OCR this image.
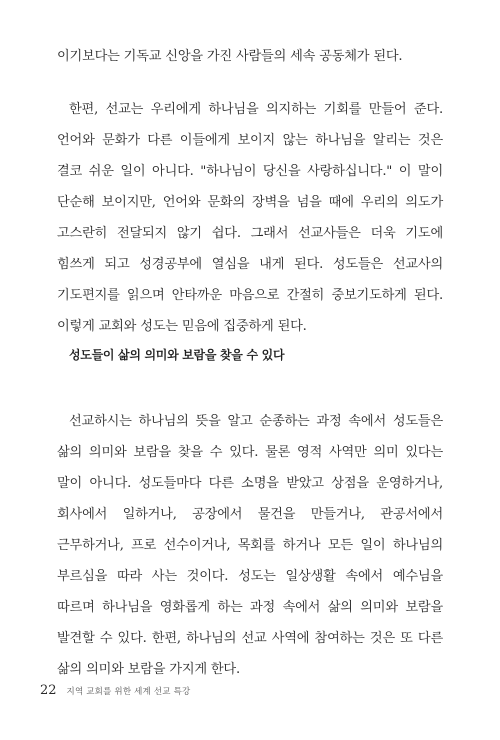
이기보다는 기독교 신앙을 가진 사람들의 세속 공동체가 된다.

한편, 선교는 우리에게 하나님을 의지하는 기회를 만들어 준다. 언어와 문화가 다른 이들에게 보이지 않는 하나님을 알리는 것은 결코 쉬운 일이 아니다. "하나님이 당신을 사랑하십니다." 이 말이 단순해 보이지만, 언어와 문화의 장벽을 넘을 때에 우리의 의도가 고스란히 전달되지 않기 쉽다. 그래서 선교사들은 더욱 기도에 힘쓰게 되고 성경공부에 열심을 내게 된다. 성도들은 선교사의 기도편지를 읽으며 안타까운 마음으로 간절히 중보기도하게 된다. 이렇게 교회와 성도는 믿음에 집중하게 된다.

성도들이 삶의 의미와 보람을 찾을 수 있다

선교하시는 하나님의 뜻을 알고 순종하는 과정 속에서 성도들은 삶의 의미와 보람을 찾을 수 있다. 물론 영적 사역만 의미 있다는 말이 아니다. 성도들마다 다른 소명을 받았고 상점을 운영하거나, 회사에서 일하거나, 공장에서 물건을 만들거나, 관공서에서 근무하거나, 프로 선수이거나, 목회를 하거나 모든 일이 하나님의 부르심을 따라 사는 것이다. 성도는 일상생활 속에서 예수님을 따르며 하나님을 영화롭게 하는 과정 속에서 삶의 의미와 보람을 발견할 수 있다. 한편, 하나님의 선교 사역에 참여하는 것은 또 다른 삶의 의미와 보람을 가지게 한다.

22 지역 교회를 위한 세계 선교 특강
